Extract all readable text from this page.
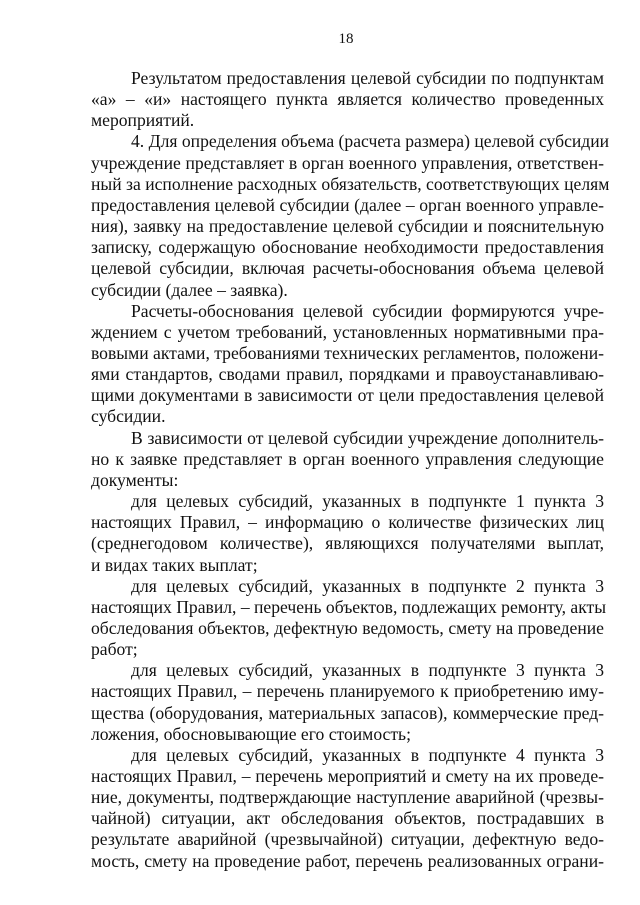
18
Результатом предоставления целевой субсидии по подпунктам
«а» – «и» настоящего пункта является количество проведенных
мероприятий.
4. Для определения объема (расчета размера) целевой субсидии
учреждение представляет в орган военного управления, ответствен-
ный за исполнение расходных обязательств, соответствующих целям
предоставления целевой субсидии (далее – орган военного управле-
ния), заявку на предоставление целевой субсидии и пояснительную
записку, содержащую обоснование необходимости предоставления
целевой субсидии, включая расчеты-обоснования объема целевой
субсидии (далее – заявка).
Расчеты-обоснования целевой субсидии формируются учре-
ждением с учетом требований, установленных нормативными пра-
вовыми актами, требованиями технических регламентов, положени-
ями стандартов, сводами правил, порядками и правоустанавливаю-
щими документами в зависимости от цели предоставления целевой
субсидии.
В зависимости от целевой субсидии учреждение дополнитель-
но к заявке представляет в орган военного управления следующие
документы:
для целевых субсидий, указанных в подпункте 1 пункта 3
настоящих Правил, – информацию о количестве физических лиц
(среднегодовом количестве), являющихся получателями выплат,
и видах таких выплат;
для целевых субсидий, указанных в подпункте 2 пункта 3
настоящих Правил, – перечень объектов, подлежащих ремонту, акты
обследования объектов, дефектную ведомость, смету на проведение
работ;
для целевых субсидий, указанных в подпункте 3 пункта 3
настоящих Правил, – перечень планируемого к приобретению иму-
щества (оборудования, материальных запасов), коммерческие пред-
ложения, обосновывающие его стоимость;
для целевых субсидий, указанных в подпункте 4 пункта 3
настоящих Правил, – перечень мероприятий и смету на их проведе-
ние, документы, подтверждающие наступление аварийной (чрезвы-
чайной) ситуации, акт обследования объектов, пострадавших в
результате аварийной (чрезвычайной) ситуации, дефектную ведо-
мость, смету на проведение работ, перечень реализованных ограни-
